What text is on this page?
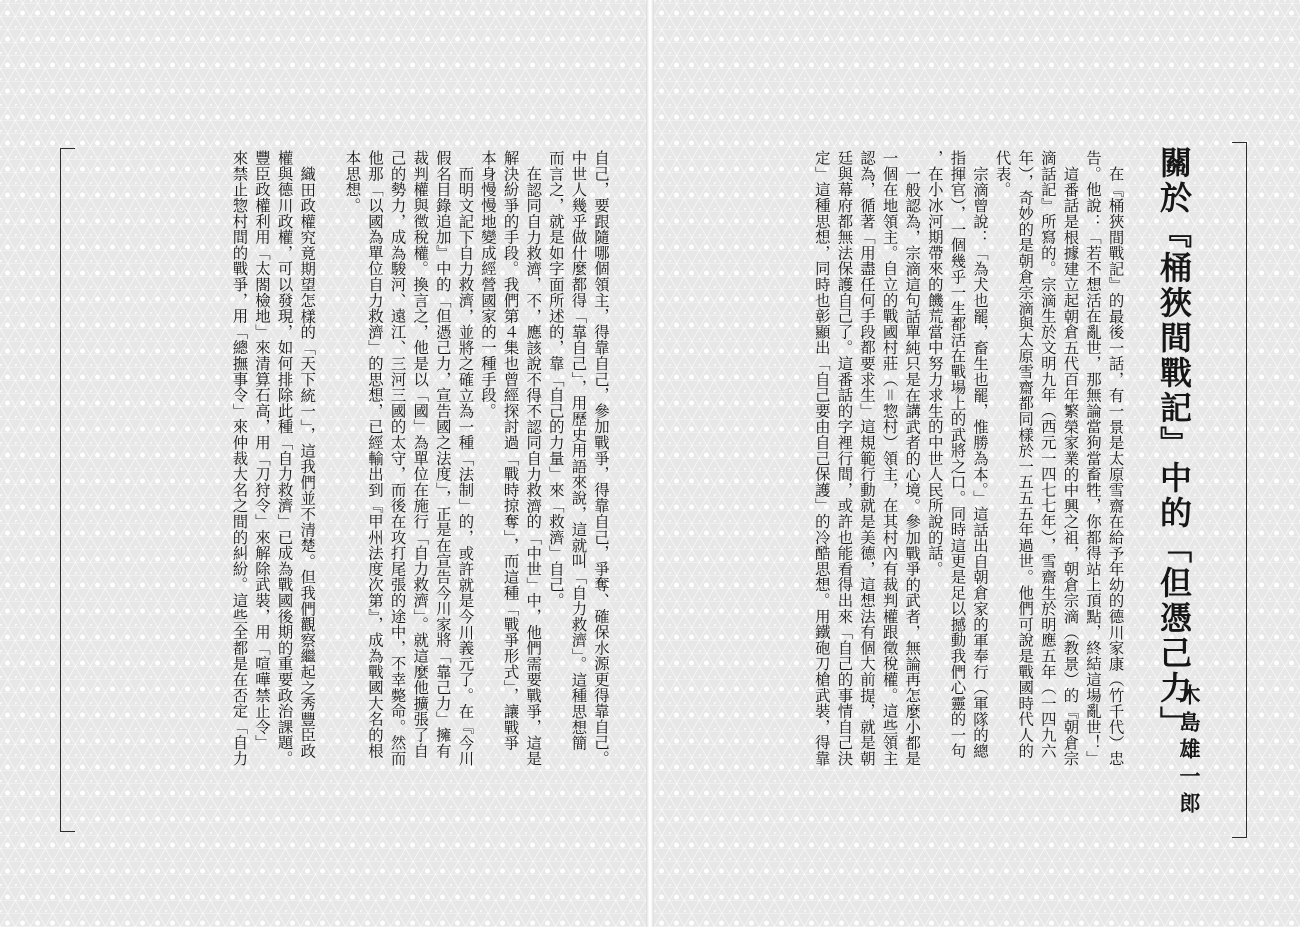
自己，要跟隨哪個領主，得靠自己，參加戰爭，得靠自己，爭奪、確保水源更得靠自己。
中世人幾乎做什麼都得「靠自己」，用歷史用語來說，這就叫「自力救濟」。這種思想簡
而言之，就是如字面所述的，靠「自己的力量」來「救濟」自己。
在認同自力救濟，不，應該說不得不認同自力救濟的「中世」中，他們需要戰爭，這是
解決紛爭的手段。我們第４集也曾經探討過「戰時掠奪」，而這種「戰爭形式」，讓戰爭
本身慢慢地變成經營國家的一種手段。
而明文記下自力救濟，並將之確立為一種「法制」的，或許就是今川義元了。在『今川
假名目錄追加』中的「但憑己力，宣告國之法度」，正是在宣告今川家將「靠己力」擁有
裁判權與徵稅權。換言之，他是以「國」為單位在施行「自力救濟」。就這麼他擴張了自
己的勢力，成為駿河、遠江、三河三國的太守，而後在攻打尾張的途中，不幸斃命。然而
他那「以國為單位自力救濟」的思想，已經輸出到『甲州法度次第』，成為戰國大名的根
本思想。
織田政權究竟期望怎樣的「天下統一」，這我們並不清楚。但我們觀察繼起之秀豐臣政
權與德川政權，可以發現，如何排除此種「自力救濟」已成為戰國後期的重要政治課題。
豐臣政權利用「太閤檢地」來清算石高，用「刀狩令」來解除武裝，用「喧嘩禁止令」
來禁止惣村間的戰爭，用「總撫事令」來仲裁大名之間的糾紛。這些全都是在否定「自力	關於『桶狹間戰記』中的「但憑己力」
木島雄一郎
在『桶狹間戰記』的最後一話，有一景是太原雪齋在給予年幼的德川家康（竹千代）忠
告。他說：「若不想活在亂世，那無論當狗當畜牲，你都得站上頂點，終結這場亂世！」
這番話是根據建立起朝倉五代百年繁榮家業的中興之祖，朝倉宗滴（教景）的『朝倉宗
滴話記』所寫的。宗滴生於文明九年（西元一四七七年），雪齋生於明應五年（一四九六
年），奇妙的是朝倉宗滴與太原雪齋都同樣於一五五五年過世。他們可說是戰國時代人的
代表。
宗滴曾說：「為犬也罷，畜生也罷，惟勝為本。」這話出自朝倉家的軍奉行（軍隊的總
指揮官），一個幾乎一生都活在戰場上的武將之口。同時這更是足以撼動我們心靈的一句
，在小冰河期帶來的饑荒當中努力求生的中世人民所說的話。
一般認為，宗滴這句話單純只是在講武者的心境。參加戰爭的武者，無論再怎麼小都是
一個在地領主。自立的戰國村莊（＝惣村）領主，在其村內有裁判權跟徵稅權。這些領主
認為，循著「用盡任何手段都要求生」這規範行動就是美德，這想法有個大前提，就是朝
廷與幕府都無法保護自己了。這番話的字裡行間，或許也能看得出來「自己的事情自己決
定」這種思想，同時也彰顯出「自己要由自己保護」的冷酷思想。用鐵砲刀槍武裝，得靠
